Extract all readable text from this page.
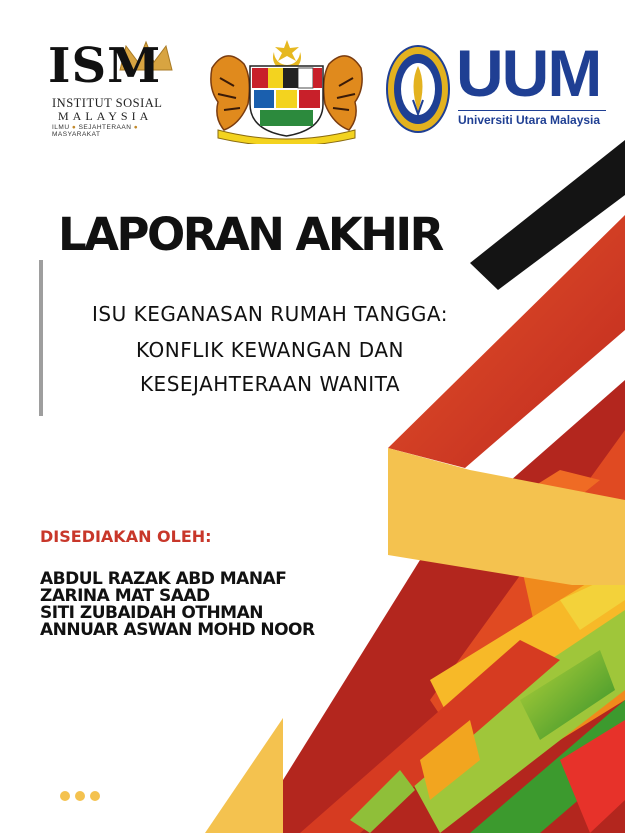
ISM
INSTITUT SOSIAL
MALAYSIA
ILMU ● SEJAHTERAAN ● MASYARAKAT
UUM
Universiti Utara Malaysia
LAPORAN AKHIR
ISU KEGANASAN RUMAH TANGGA:
KONFLIK KEWANGAN DAN
KESEJAHTERAAN WANITA
DISEDIAKAN OLEH:
ABDUL RAZAK ABD MANAF
ZARINA MAT SAAD
SITI ZUBAIDAH OTHMAN
ANNUAR ASWAN MOHD NOOR
